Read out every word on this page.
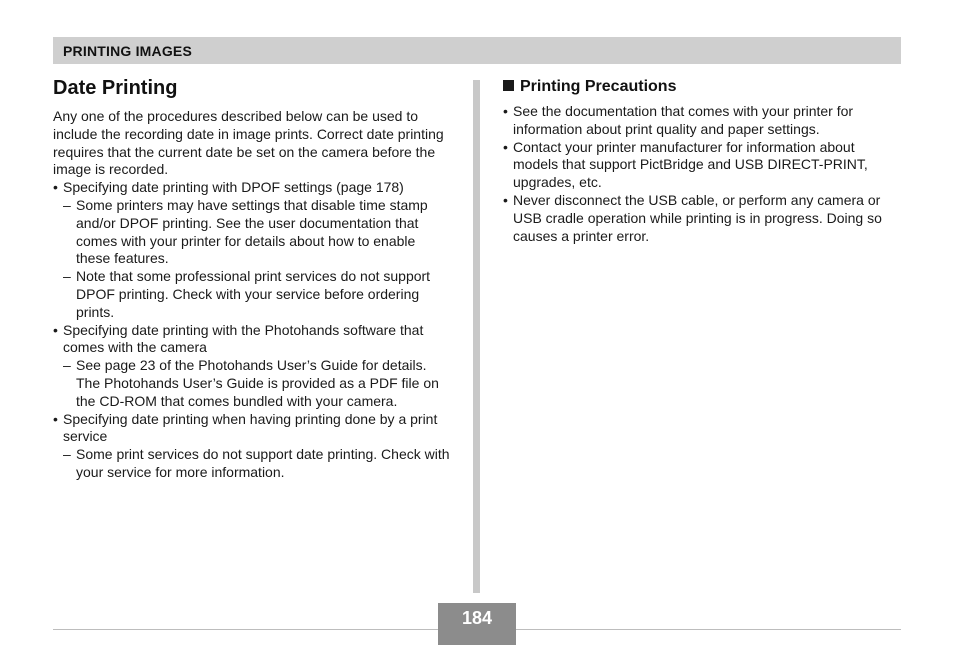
PRINTING IMAGES
Date Printing

Any one of the procedures described below can be used to include the recording date in image prints. Correct date printing requires that the current date be set on the camera before the image is recorded.

• Specifying date printing with DPOF settings (page 178)
– Some printers may have settings that disable time stamp and/or DPOF printing. See the user documentation that comes with your printer for details about how to enable these features.
– Note that some professional print services do not support DPOF printing. Check with your service before ordering prints.
• Specifying date printing with the Photohands software that comes with the camera
– See page 23 of the Photohands User’s Guide for details. The Photohands User’s Guide is provided as a PDF file on the CD-ROM that comes bundled with your camera.
• Specifying date printing when having printing done by a print service
– Some print services do not support date printing. Check with your service for more information.
Printing Precautions
• See the documentation that comes with your printer for information about print quality and paper settings.
• Contact your printer manufacturer for information about models that support PictBridge and USB DIRECT-PRINT, upgrades, etc.
• Never disconnect the USB cable, or perform any camera or USB cradle operation while printing is in progress. Doing so causes a printer error.
184
